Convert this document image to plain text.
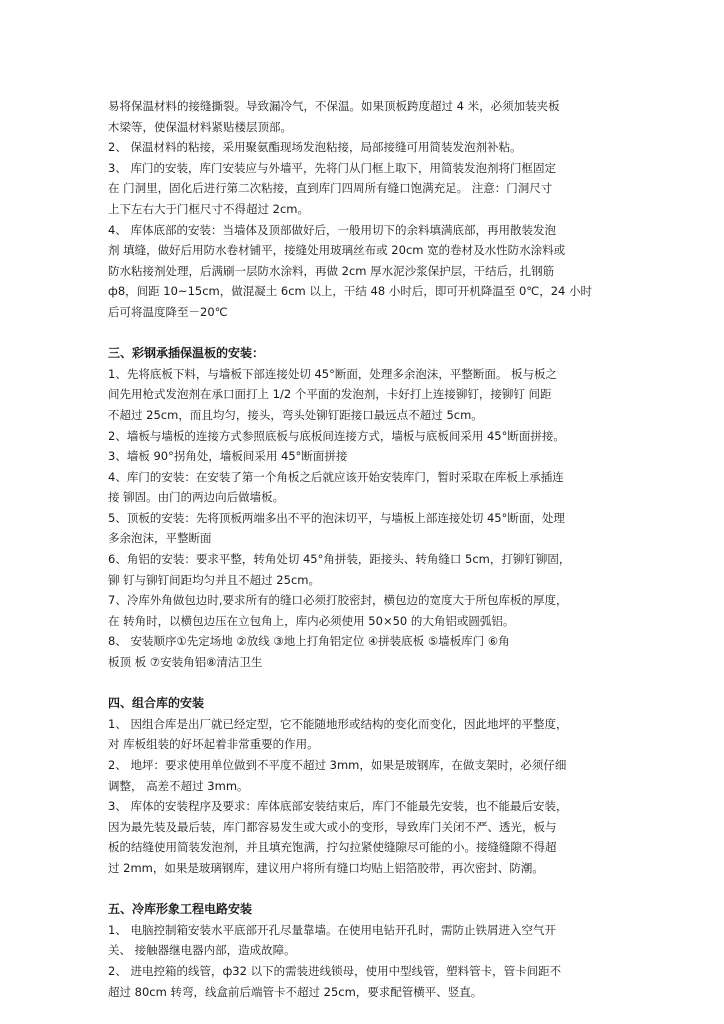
易将保温材料的接缝撕裂。导致漏冷气，不保温。如果顶板跨度超过 4 米，必须加装夹板
木梁等，使保温材料紧贴楼层顶部。
2、 保温材料的粘接，采用聚氨酯现场发泡粘接，局部接缝可用简装发泡剂补粘。
3、 库门的安装，库门安装应与外墙平，先将门从门框上取下，用简装发泡剂将门框固定
在 门洞里，固化后进行第二次粘接，直到库门四周所有缝口饱满充足。 注意：门洞尺寸
上下左右大于门框尺寸不得超过 2cm。
4、 库体底部的安装：当墙体及顶部做好后，一般用切下的余料填满底部，再用散装发泡
剂 填缝，做好后用防水卷材铺平，接缝处用玻璃丝布或 20cm 宽的卷材及水性防水涂料或
防水粘接剂处理，后满刷一层防水涂料，再做 2cm 厚水泥沙浆保护层，干结后，扎钢筋
ф8，间距 10~15cm，做混凝土 6cm 以上，干结 48 小时后，即可开机降温至 0℃，24 小时
后可将温度降至－20℃
三、彩钢承插保温板的安装：
1、先将底板下料，与墙板下部连接处切 45°断面，处理多余泡沫，平整断面。 板与板之
间先用枪式发泡剂在承口面打上 1/2 个平面的发泡剂，卡好打上连接铆钉，接铆钉 间距
不超过 25cm，而且均匀，接头，弯头处铆钉距接口最远点不超过 5cm。
2、墙板与墙板的连接方式参照底板与底板间连接方式，墙板与底板间采用 45°断面拼接。
3、墙板 90°拐角处，墙板间采用 45°断面拼接
4、库门的安装：在安装了第一个角板之后就应该开始安装库门，暂时采取在库板上承插连
接 铆固。由门的两边向后做墙板。
5、顶板的安装：先将顶板两端多出不平的泡沫切平，与墙板上部连接处切 45°断面，处理
多余泡沫，平整断面
6、角铝的安装：要求平整，转角处切 45°角拼装，距接头、转角缝口 5cm，打铆钉铆固，
铆 钉与铆钉间距均匀并且不超过 25cm。
7、冷库外角做包边时,要求所有的缝口必须打胶密封，横包边的宽度大于所包库板的厚度，
在 转角时，以横包边压在立包角上，库内必须使用 50×50 的大角铝或圆弧铝。
8、 安装顺序①先定场地 ②放线 ③地上打角铝定位 ④拼装底板 ⑤墙板库门 ⑥角
板顶 板 ⑦安装角铝⑧清洁卫生
四、组合库的安装
1、 因组合库是出厂就已经定型，它不能随地形或结构的变化而变化，因此地坪的平整度，
对 库板组装的好坏起着非常重要的作用。
2、 地坪：要求使用单位做到不平度不超过 3mm，如果是玻钢库，在做支架时，必须仔细
调整， 高差不超过 3mm。
3、 库体的安装程序及要求：库体底部安装结束后，库门不能最先安装，也不能最后安装，
因为最先装及最后装，库门都容易发生或大或小的变形，导致库门关闭不严、透光，板与
板的结缝使用简装发泡剂，并且填充饱满，拧勾拉紧使缝隙尽可能的小。接缝缝隙不得超
过 2mm，如果是玻璃钢库，建议用户将所有缝口均贴上铝箔胶带，再次密封、防潮。
五、冷库形象工程电路安装
1、 电脑控制箱安装水平底部开孔尽量靠墙。在使用电钻开孔时，需防止铁屑进入空气开
关、 接触器继电器内部，造成故障。
2、 进电控箱的线管，ф32 以下的需装进线锁母，使用中型线管，塑料管卡，管卡间距不
超过 80cm 转弯，线盒前后端管卡不超过 25cm，要求配管横平、竖直。
